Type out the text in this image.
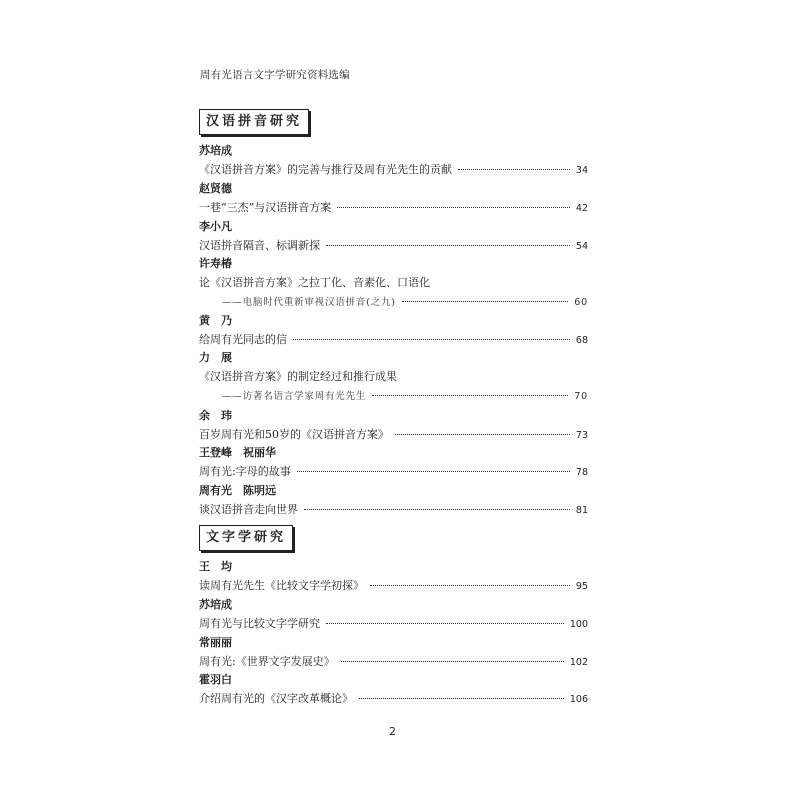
周有光语言文字学研究资料选编
汉语拼音研究
苏培成
《汉语拼音方案》的完善与推行及周有光先生的贡献	34
赵贤德
一巷“三杰”与汉语拼音方案	42
李小凡
汉语拼音隔音、标调新探	54
许寿椿
论《汉语拼音方案》之拉丁化、音素化、口语化
——电脑时代重新审视汉语拼音(之九)	60
黄　乃
给周有光同志的信	68
力　展
《汉语拼音方案》的制定经过和推行成果
——访著名语言学家周有光先生	70
余　玮
百岁周有光和50岁的《汉语拼音方案》	73
王登峰　祝丽华
周有光:字母的故事	78
周有光　陈明远
谈汉语拼音走向世界	81
文字学研究
王　均
读周有光先生《比较文字学初探》	95
苏培成
周有光与比较文字学研究	100
常丽丽
周有光:《世界文字发展史》	102
霍羽白
介绍周有光的《汉字改革概论》	106
2
